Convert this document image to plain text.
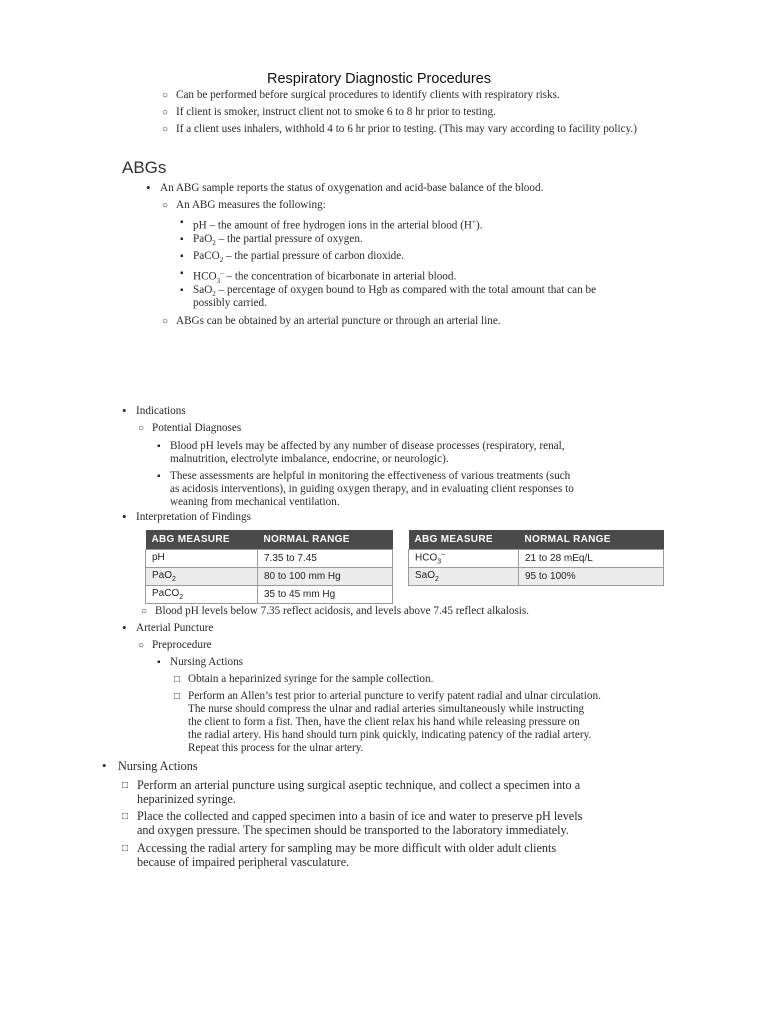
Respiratory Diagnostic Procedures
○
Can be performed before surgical procedures to identify clients with respiratory risks.
○
If client is smoker, instruct client not to smoke 6 to 8 hr prior to testing.
○
If a client uses inhalers, withhold 4 to 6 hr prior to testing. (This may vary according to facility policy.)
ABGs
•
An ABG sample reports the status of oxygenation and acid-base balance of the blood.
○
An ABG measures the following:
▪
pH – the amount of free hydrogen ions in the arterial blood (H+).
▪
PaO$_2$ – the partial pressure of oxygen.
▪
PaCO$_2$ – the partial pressure of carbon dioxide.
▪
$HCO_3^-$ – the concentration of bicarbonate in arterial blood.
▪
SaO$_2$ – percentage of oxygen bound to Hgb as compared with the total amount that can be
possibly carried.
○
ABGs can be obtained by an arterial puncture or through an arterial line.
•
Indications
○
Potential Diagnoses
▪
Blood pH levels may be affected by any number of disease processes (respiratory, renal,
malnutrition, electrolyte imbalance, endocrine, or neurologic).
▪
These assessments are helpful in monitoring the effectiveness of various treatments (such
as acidosis interventions), in guiding oxygen therapy, and in evaluating client responses to
weaning from mechanical ventilation.
•
Interpretation of Findings
ABG MEASURE	NORMAL RANGE
pH	7.35 to 7.45
PaO$_2$	80 to 100 mm Hg
PaCO$_2$	35 to 45 mm Hg
ABG MEASURE	NORMAL RANGE
$HCO_3^-$	21 to 28 mEq/L
SaO$_2$	95 to 100%
○
Blood pH levels below 7.35 reflect acidosis, and levels above 7.45 reflect alkalosis.
•
Arterial Puncture
○
Preprocedure
▪
Nursing Actions
□
Obtain a heparinized syringe for the sample collection.
□
Perform an Allen’s test prior to arterial puncture to verify patent radial and ulnar circulation.
The nurse should compress the ulnar and radial arteries simultaneously while instructing
the client to form a fist. Then, have the client relax his hand while releasing pressure on
the radial artery. His hand should turn pink quickly, indicating patency of the radial artery.
Repeat this process for the ulnar artery.
•
Nursing Actions
□
Perform an arterial puncture using surgical aseptic technique, and collect a specimen into a
heparinized syringe.
□
Place the collected and capped specimen into a basin of ice and water to preserve pH levels
and oxygen pressure. The specimen should be transported to the laboratory immediately.
□
Accessing the radial artery for sampling may be more difficult with older adult clients
because of impaired peripheral vasculature.
